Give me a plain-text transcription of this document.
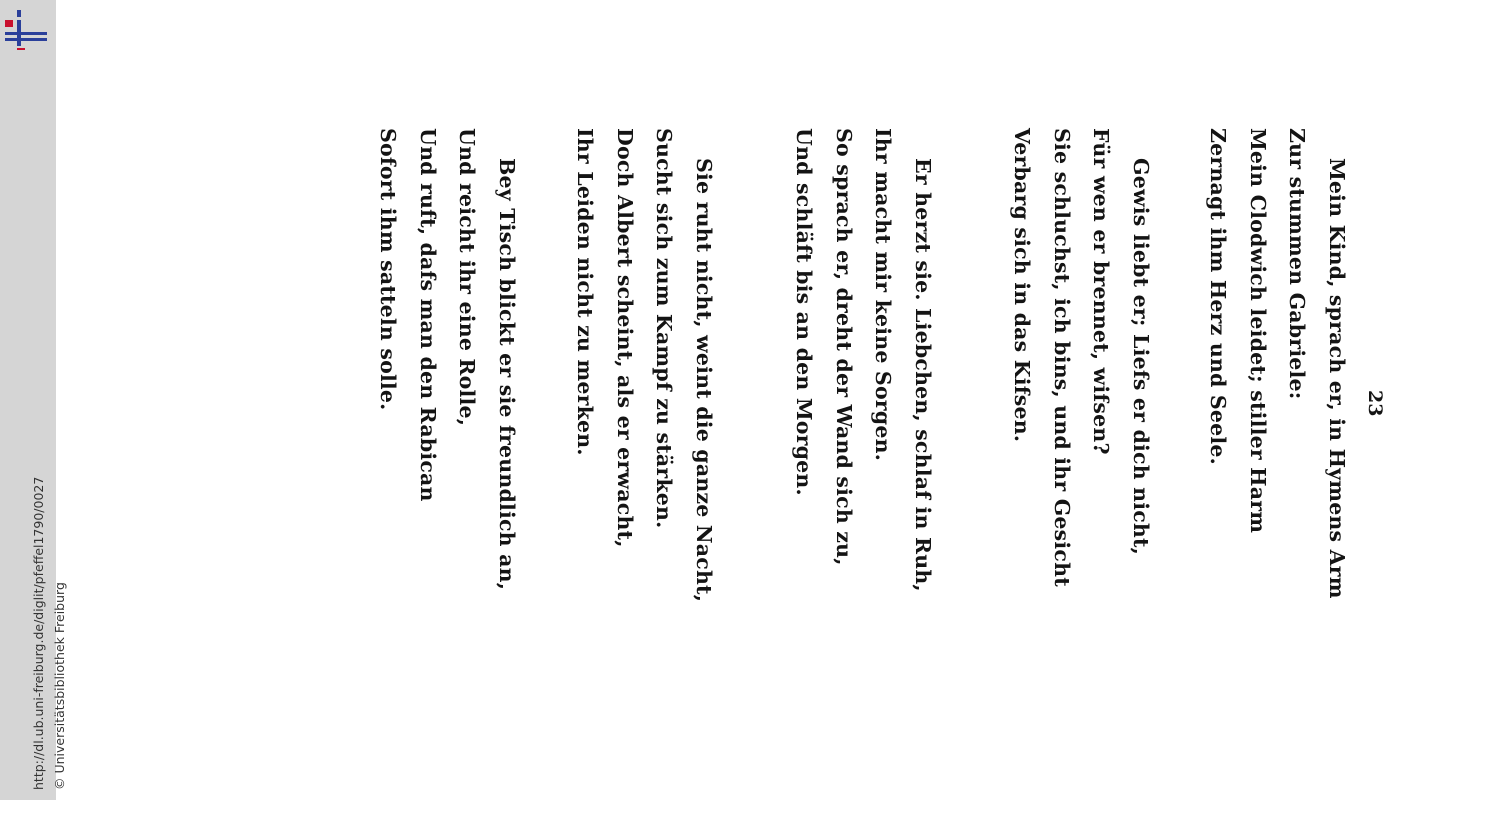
http://dl.ub.uni-freiburg.de/diglit/pfeffel1790/0027 © Universitätsbibliothek Freiburg
23
Mein Kind, sprach er, in Hymens Arm
Zur stummen Gabriele:
Mein Clodwich leidet; stiller Harm
Zernagt ihm Herz und Seele.
Gewis liebt er; Liefs er dich nicht,
Für wen er brennet, wifsen?
Sie schluchst, ich bins, und ihr Gesicht
Verbarg sich in das Kifsen.
Er herzt sie. Liebchen, schlaf in Ruh,
Ihr macht mir keine Sorgen.
So sprach er, dreht der Wand sich zu,
Und schläft bis an den Morgen.
Sie ruht nicht, weint die ganze Nacht,
Sucht sich zum Kampf zu stärken.
Doch Albert scheint, als er erwacht,
Ihr Leiden nicht zu merken.
Bey Tisch blickt er sie freundlich an,
Und reicht ihr eine Rolle,
Und ruft, dafs man den Rabican
Sofort ihm satteln solle.
